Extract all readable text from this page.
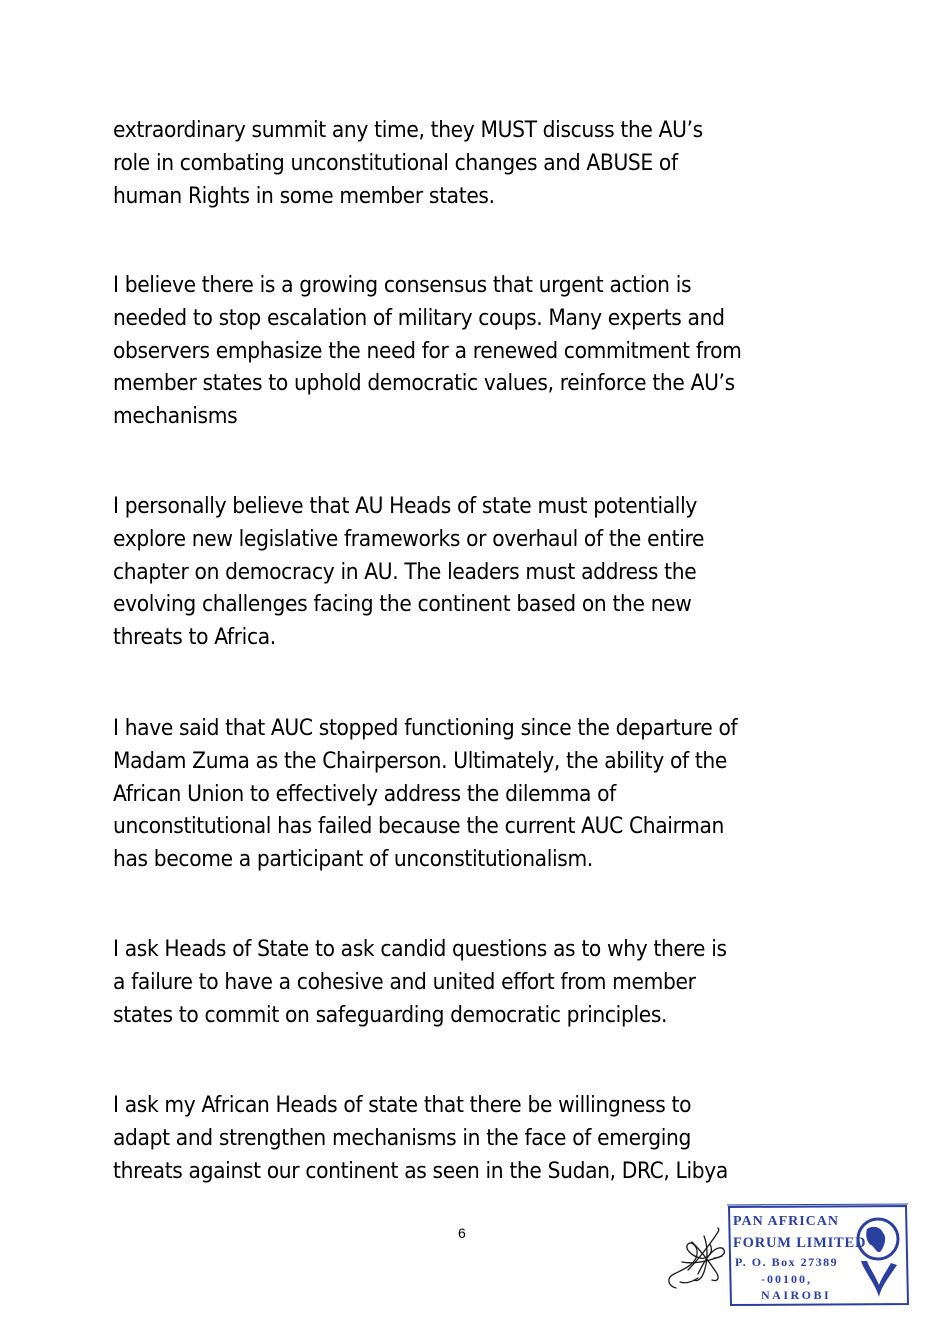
extraordinary summit any time, they MUST discuss the AU’s
role in combating unconstitutional changes and ABUSE of
human Rights in some member states.

I believe there is a growing consensus that urgent action is
needed to stop escalation of military coups. Many experts and
observers emphasize the need for a renewed commitment from
member states to uphold democratic values, reinforce the AU’s
mechanisms

I personally believe that AU Heads of state must potentially
explore new legislative frameworks or overhaul of the entire
chapter on democracy in AU. The leaders must address the
evolving challenges facing the continent based on the new
threats to Africa.

I have said that AUC stopped functioning since the departure of
Madam Zuma as the Chairperson. Ultimately, the ability of the
African Union to effectively address the dilemma of
unconstitutional has failed because the current AUC Chairman
has become a participant of unconstitutionalism.

I ask Heads of State to ask candid questions as to why there is
a failure to have a cohesive and united effort from member
states to commit on safeguarding democratic principles.

I ask my African Heads of state that there be willingness to
adapt and strengthen mechanisms in the face of emerging
threats against our continent as seen in the Sudan, DRC, Libya

6
PAN AFRICAN
FORUM LIMITED
P. O. Box 27389
-00100,
NAIROBI
